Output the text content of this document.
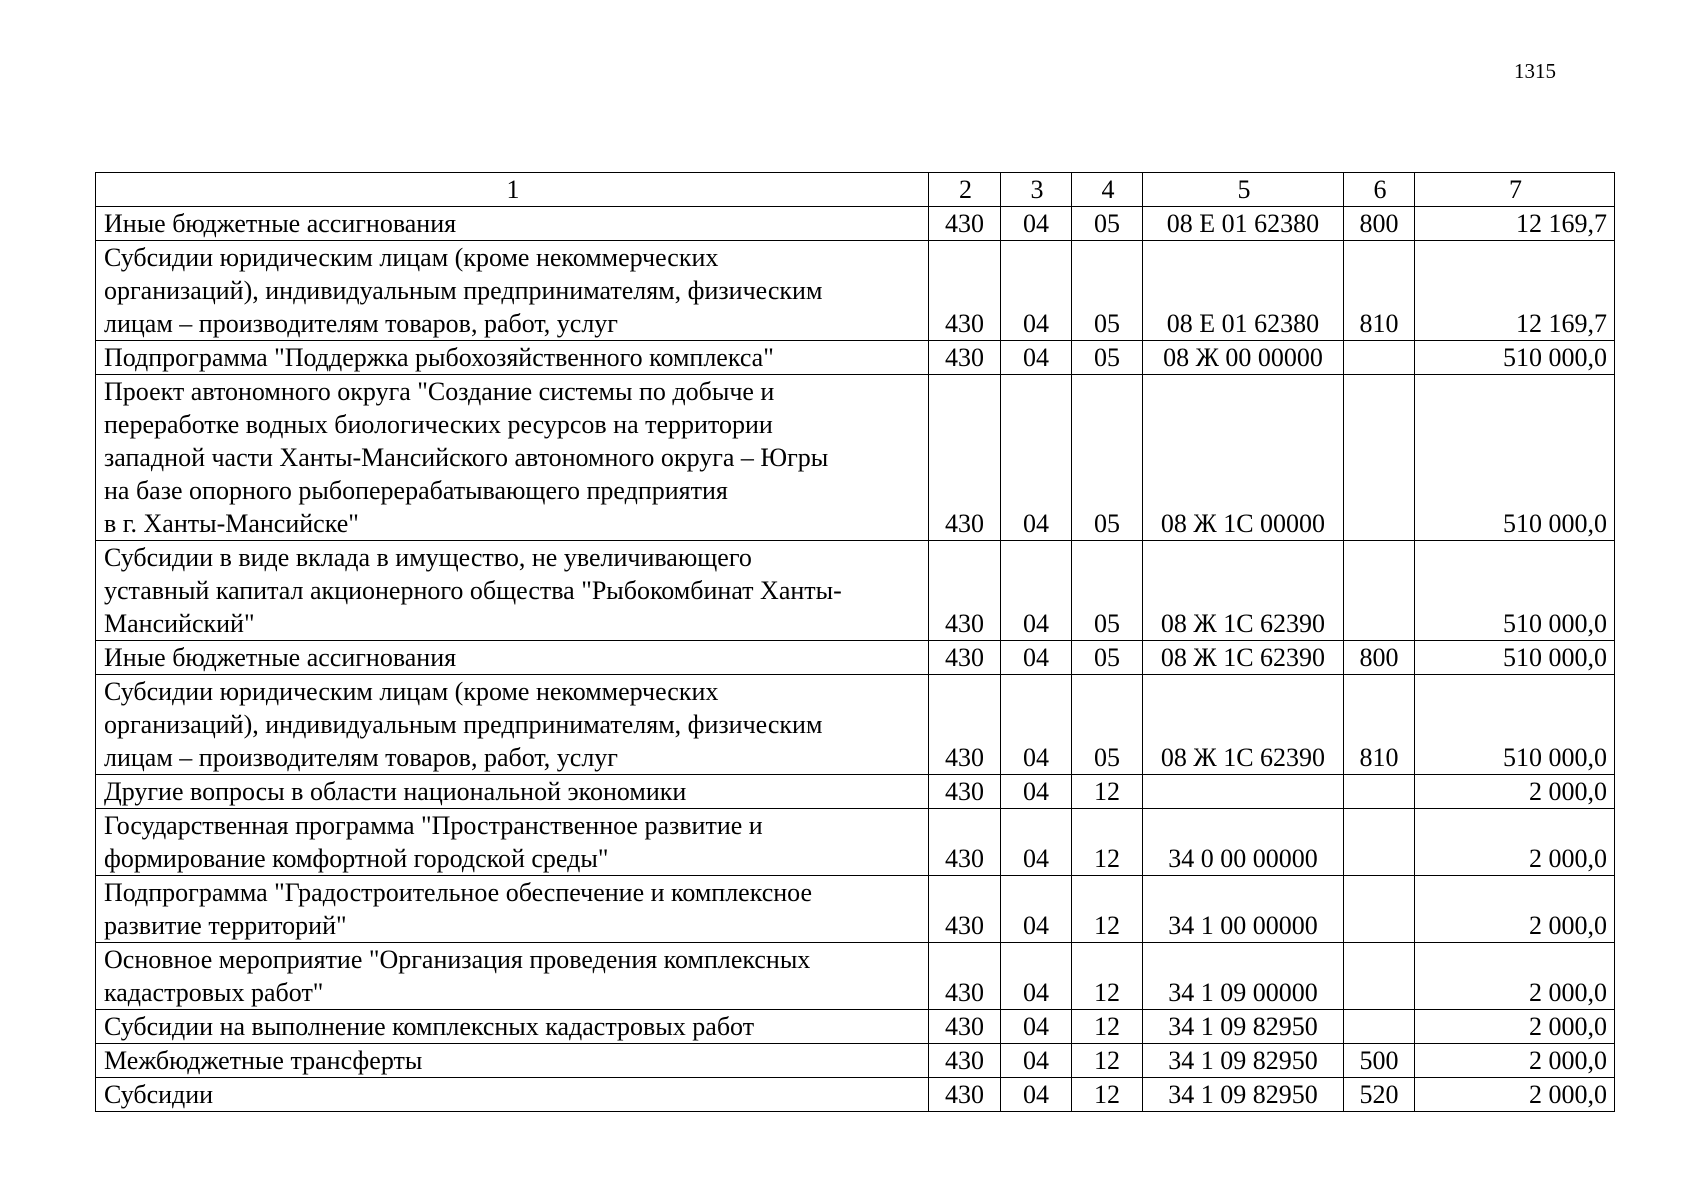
1315
1	2	3	4	5	6	7

Иные бюджетные ассигнования	430	04	05	08 Е 01 62380	800	12 169,7

Субсидии юридическим лицам (кроме некоммерческих
организаций), индивидуальным предпринимателям, физическим
лицам – производителям товаров, работ, услуг	430	04	05	08 Е 01 62380	810	12 169,7

Подпрограмма "Поддержка рыбохозяйственного комплекса"	430	04	05	08 Ж 00 00000		510 000,0

Проект автономного округа "Создание системы по добыче и
переработке водных биологических ресурсов на территории
западной части Ханты-Мансийского автономного округа – Югры
на базе опорного рыбоперерабатывающего предприятия
в г. Ханты-Мансийске"	430	04	05	08 Ж 1С 00000		510 000,0

Субсидии в виде вклада в имущество, не увеличивающего
уставный капитал акционерного общества "Рыбокомбинат Ханты-
Мансийский"	430	04	05	08 Ж 1С 62390		510 000,0

Иные бюджетные ассигнования	430	04	05	08 Ж 1С 62390	800	510 000,0

Субсидии юридическим лицам (кроме некоммерческих
организаций), индивидуальным предпринимателям, физическим
лицам – производителям товаров, работ, услуг	430	04	05	08 Ж 1С 62390	810	510 000,0

Другие вопросы в области национальной экономики	430	04	12			2 000,0

Государственная программа "Пространственное развитие и
формирование комфортной городской среды"	430	04	12	34 0 00 00000		2 000,0

Подпрограмма "Градостроительное обеспечение и комплексное
развитие территорий"	430	04	12	34 1 00 00000		2 000,0

Основное мероприятие "Организация проведения комплексных
кадастровых работ"	430	04	12	34 1 09 00000		2 000,0

Субсидии на выполнение комплексных кадастровых работ	430	04	12	34 1 09 82950		2 000,0

Межбюджетные трансферты	430	04	12	34 1 09 82950	500	2 000,0

Субсидии	430	04	12	34 1 09 82950	520	2 000,0
